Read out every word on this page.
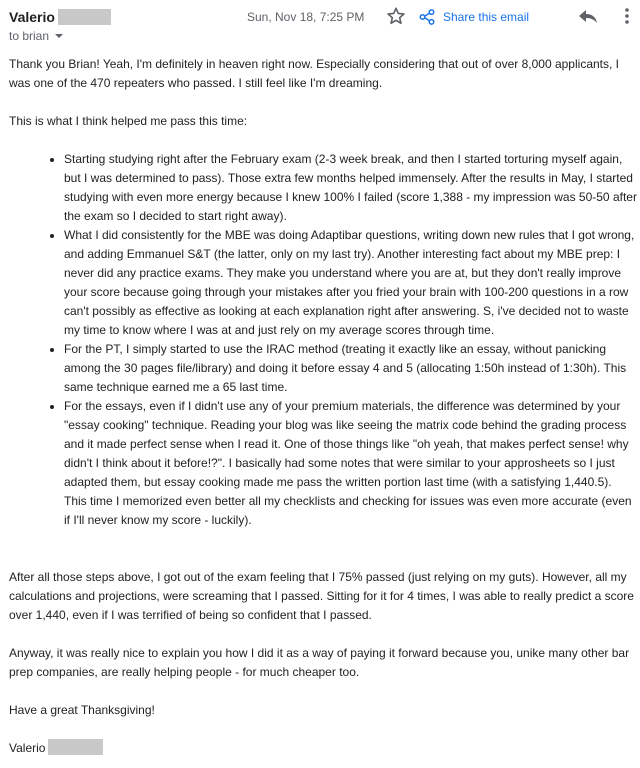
Valerio
to brian
Sun, Nov 18, 7:25 PM	Share this email

Thank you Brian! Yeah, I'm definitely in heaven right now. Especially considering that out of over 8,000 applicants, I was one of the 470 repeaters who passed. I still feel like I'm dreaming.

This is what I think helped me pass this time:

• Starting studying right after the February exam (2-3 week break, and then I started torturing myself again, but I was determined to pass). Those extra few months helped immensely. After the results in May, I started studying with even more energy because I knew 100% I failed (score 1,388 - my impression was 50-50 after the exam so I decided to start right away).
• What I did consistently for the MBE was doing Adaptibar questions, writing down new rules that I got wrong, and adding Emmanuel S&T (the latter, only on my last try). Another interesting fact about my MBE prep: I never did any practice exams. They make you understand where you are at, but they don't really improve your score because going through your mistakes after you fried your brain with 100-200 questions in a row can't possibly as effective as looking at each explanation right after answering. S, i've decided not to waste my time to know where I was at and just rely on my average scores through time.
• For the PT, I simply started to use the IRAC method (treating it exactly like an essay, without panicking among the 30 pages file/library) and doing it before essay 4 and 5 (allocating 1:50h instead of 1:30h). This same technique earned me a 65 last time.
• For the essays, even if I didn't use any of your premium materials, the difference was determined by your "essay cooking" technique. Reading your blog was like seeing the matrix code behind the grading process and it made perfect sense when I read it. One of those things like "oh yeah, that makes perfect sense! why didn't I think about it before!?". I basically had some notes that were similar to your approsheets so I just adapted them, but essay cooking made me pass the written portion last time (with a satisfying 1,440.5). This time I memorized even better all my checklists and checking for issues was even more accurate (even if I'll never know my score - luckily).

After all those steps above, I got out of the exam feeling that I 75% passed (just relying on my guts). However, all my calculations and projections, were screaming that I passed. Sitting for it for 4 times, I was able to really predict a score over 1,440, even if I was terrified of being so confident that I passed.

Anyway, it was really nice to explain you how I did it as a way of paying it forward because you, unike many other bar prep companies, are really helping people - for much cheaper too.

Have a great Thanksgiving!

Valerio
